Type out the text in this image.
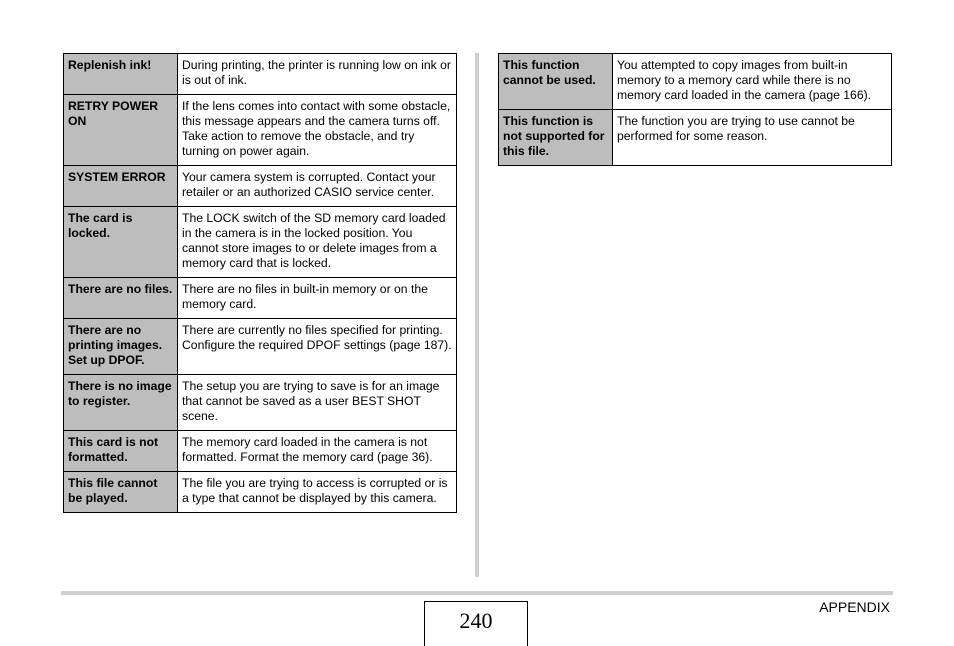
Replenish ink!	During printing, the printer is running low on ink or is out of ink.
RETRY POWER ON	If the lens comes into contact with some obstacle, this message appears and the camera turns off. Take action to remove the obstacle, and try turning on power again.
SYSTEM ERROR	Your camera system is corrupted. Contact your retailer or an authorized CASIO service center.
The card is locked.	The LOCK switch of the SD memory card loaded in the camera is in the locked position. You cannot store images to or delete images from a memory card that is locked.
There are no files.	There are no files in built-in memory or on the memory card.
There are no printing images. Set up DPOF.	There are currently no files specified for printing. Configure the required DPOF settings (page 187).
There is no image to register.	The setup you are trying to save is for an image that cannot be saved as a user BEST SHOT scene.
This card is not formatted.	The memory card loaded in the camera is not formatted. Format the memory card (page 36).
This file cannot be played.	The file you are trying to access is corrupted or is a type that cannot be displayed by this camera.
This function cannot be used.	You attempted to copy images from built-in memory to a memory card while there is no memory card loaded in the camera (page 166).
This function is not supported for this file.	The function you are trying to use cannot be performed for some reason.
240
APPENDIX
